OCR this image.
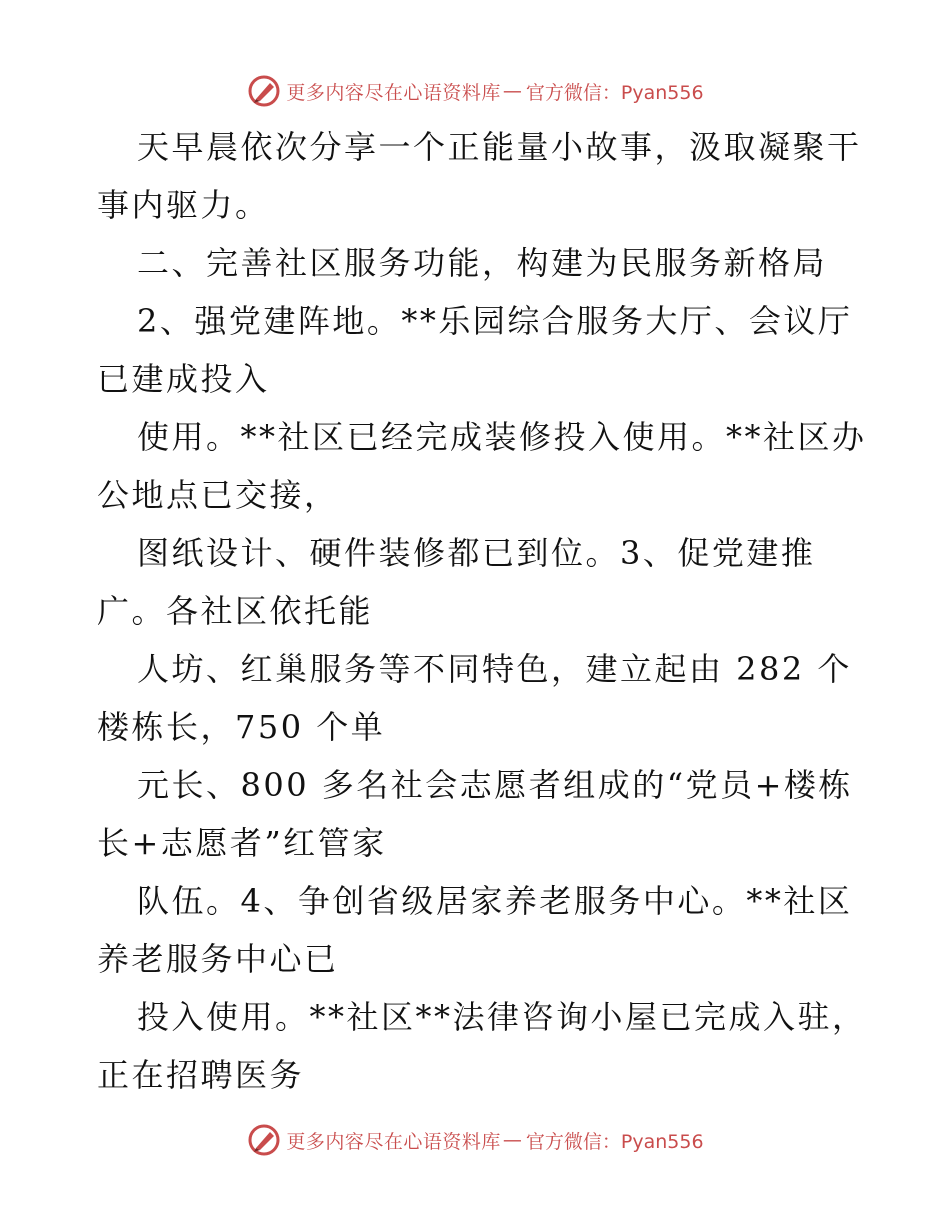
更多内容尽在心语资料库 — 官方微信：Pyan556
天早晨依次分享一个正能量小故事，汲取凝聚干
事内驱力。
二、完善社区服务功能，构建为民服务新格局
2、强党建阵地。**乐园综合服务大厅、会议厅
已建成投入
使用。**社区已经完成装修投入使用。**社区办
公地点已交接，
图纸设计、硬件装修都已到位。3、促党建推
广。各社区依托能
人坊、红巢服务等不同特色，建立起由 282 个
楼栋长，750 个单
元长、800 多名社会志愿者组成的“党员+楼栋
长+志愿者”红管家
队伍。4、争创省级居家养老服务中心。**社区
养老服务中心已
投入使用。**社区**法律咨询小屋已完成入驻，
正在招聘医务
更多内容尽在心语资料库 — 官方微信：Pyan556
